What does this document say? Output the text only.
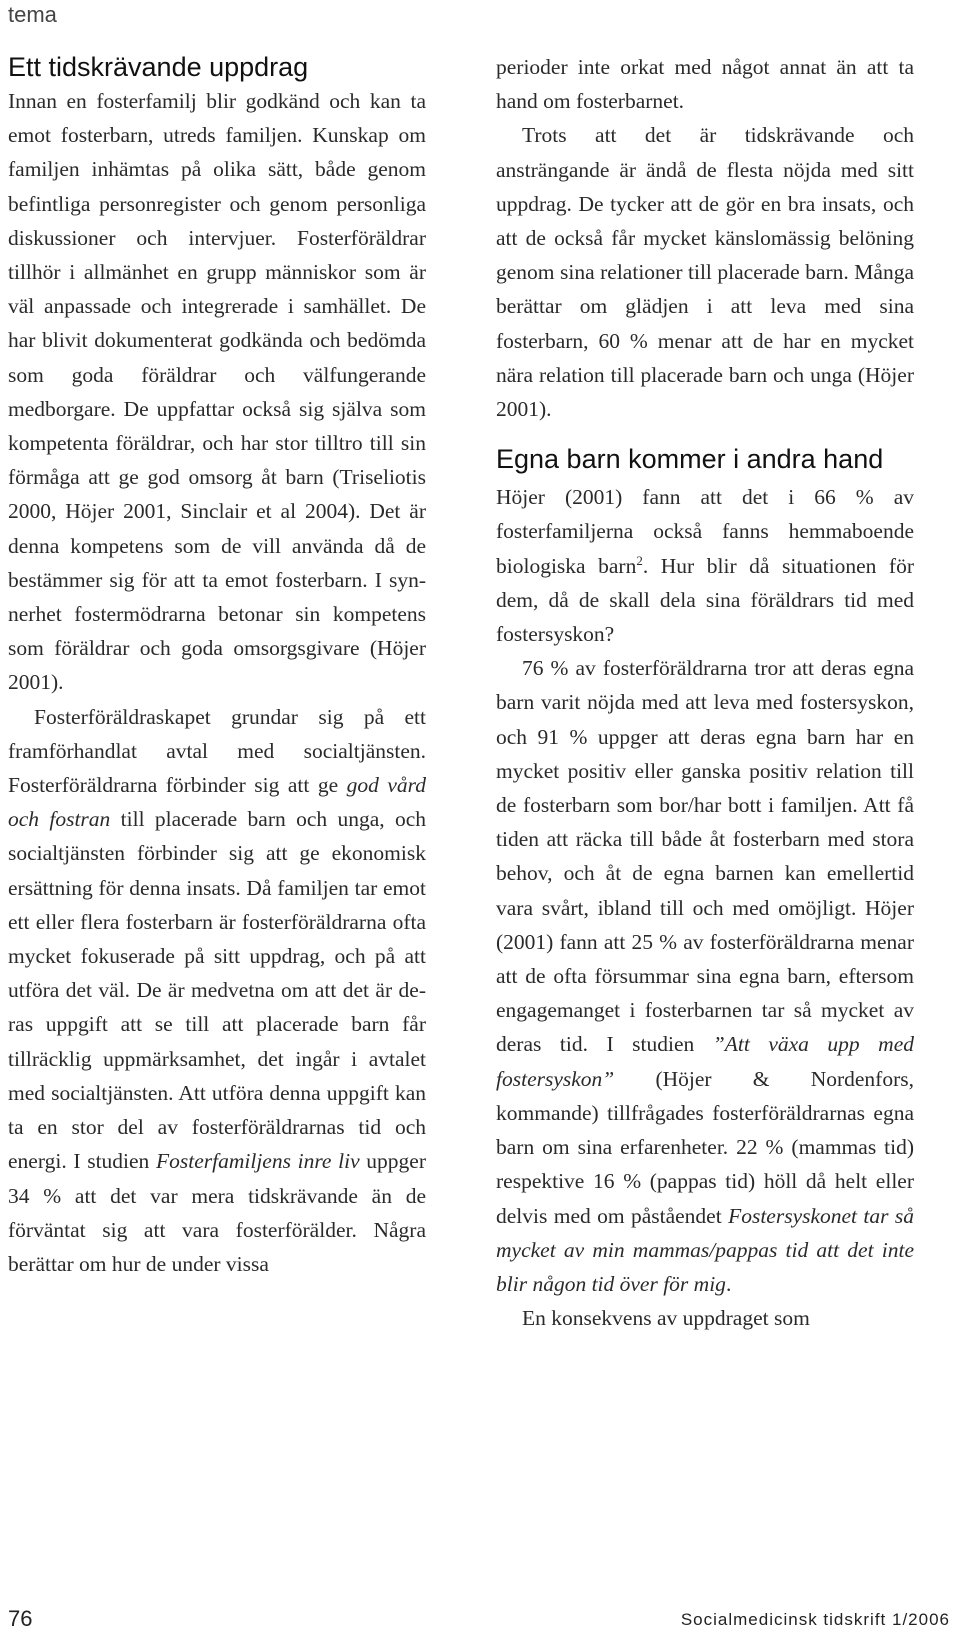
tema
Ett tidskrävande uppdrag

Innan en fosterfamilj blir godkänd och kan ta emot fosterbarn, utreds familjen. Kunskap om familjen inhämtas på olika sätt, både genom befintliga personregister och genom personliga diskussioner och intervjuer. Fosterföräldrar tillhör i allmänhet en grupp människor som är väl anpassade och integrerade i samhället. De har blivit dokumenterat godkända och bedömda som goda föräldrar och välfungerande medborgare. De uppfattar också sig själva som kompetenta föräldrar, och har stor tilltro till sin förmåga att ge god omsorg åt barn (Triseliotis 2000, Höjer 2001, Sinclair et al 2004). Det är denna kompetens som de vill använda då de bestämmer sig för att ta emot fosterbarn. I synnerhet fostermödrarna betonar sin kompetens som föräldrar och goda omsorgsgivare (Höjer 2001).

Fosterföräldraskapet grundar sig på ett framförhandlat avtal med socialtjänsten. Fosterföräldrarna förbinder sig att ge god vård och fostran till placerade barn och unga, och socialtjänsten förbinder sig att ge ekonomisk ersättning för denna insats. Då familjen tar emot ett eller flera fosterbarn är fosterföräldrarna ofta mycket fokuserade på sitt uppdrag, och på att utföra det väl. De är medvetna om att det är deras uppgift att se till att placerade barn får tillräcklig uppmärksamhet, det ingår i avtalet med socialtjänsten. Att utföra denna uppgift kan ta en stor del av fosterföräldrarnas tid och energi. I studien Fosterfamiljens inre liv uppger 34 % att det var mera tidskrävande än de förväntat sig att vara fosterförälder. Några berättar om hur de under vissa

perioder inte orkat med något annat än att ta hand om fosterbarnet.

Trots att det är tidskrävande och ansträngande är ändå de flesta nöjda med sitt uppdrag. De tycker att de gör en bra insats, och att de också får mycket känslomässig belöning genom sina relationer till placerade barn. Många berättar om glädjen i att leva med sina fosterbarn, 60 % menar att de har en mycket nära relation till placerade barn och unga (Höjer 2001).

Egna barn kommer i andra hand

Höjer (2001) fann att det i 66 % av fosterfamiljerna också fanns hemmaboende biologiska barn$^2$. Hur blir då situationen för dem, då de skall dela sina föräldrars tid med fostersyskon?

76 % av fosterföräldrarna tror att deras egna barn varit nöjda med att leva med fostersyskon, och 91 % uppger att deras egna barn har en mycket positiv eller ganska positiv relation till de fosterbarn som bor/har bott i familjen. Att få tiden att räcka till både åt fosterbarn med stora behov, och åt de egna barnen kan emellertid vara svårt, ibland till och med omöjligt. Höjer (2001) fann att 25 % av fosterföräldrarna menar att de ofta försummar sina egna barn, eftersom engagemanget i fosterbarnen tar så mycket av deras tid. I studien ”Att växa upp med fostersyskon” (Höjer & Nordenfors, kommande) tillfrågades fosterföräldrarnas egna barn om sina erfarenheter. 22 % (mammas tid) respektive 16 % (pappas tid) höll då helt eller delvis med om påståendet Fostersyskonet tar så mycket av min mammas/pappas tid att det inte blir någon tid över för mig.

En konsekvens av uppdraget som

76	Socialmedicinsk tidskrift 1/2006
